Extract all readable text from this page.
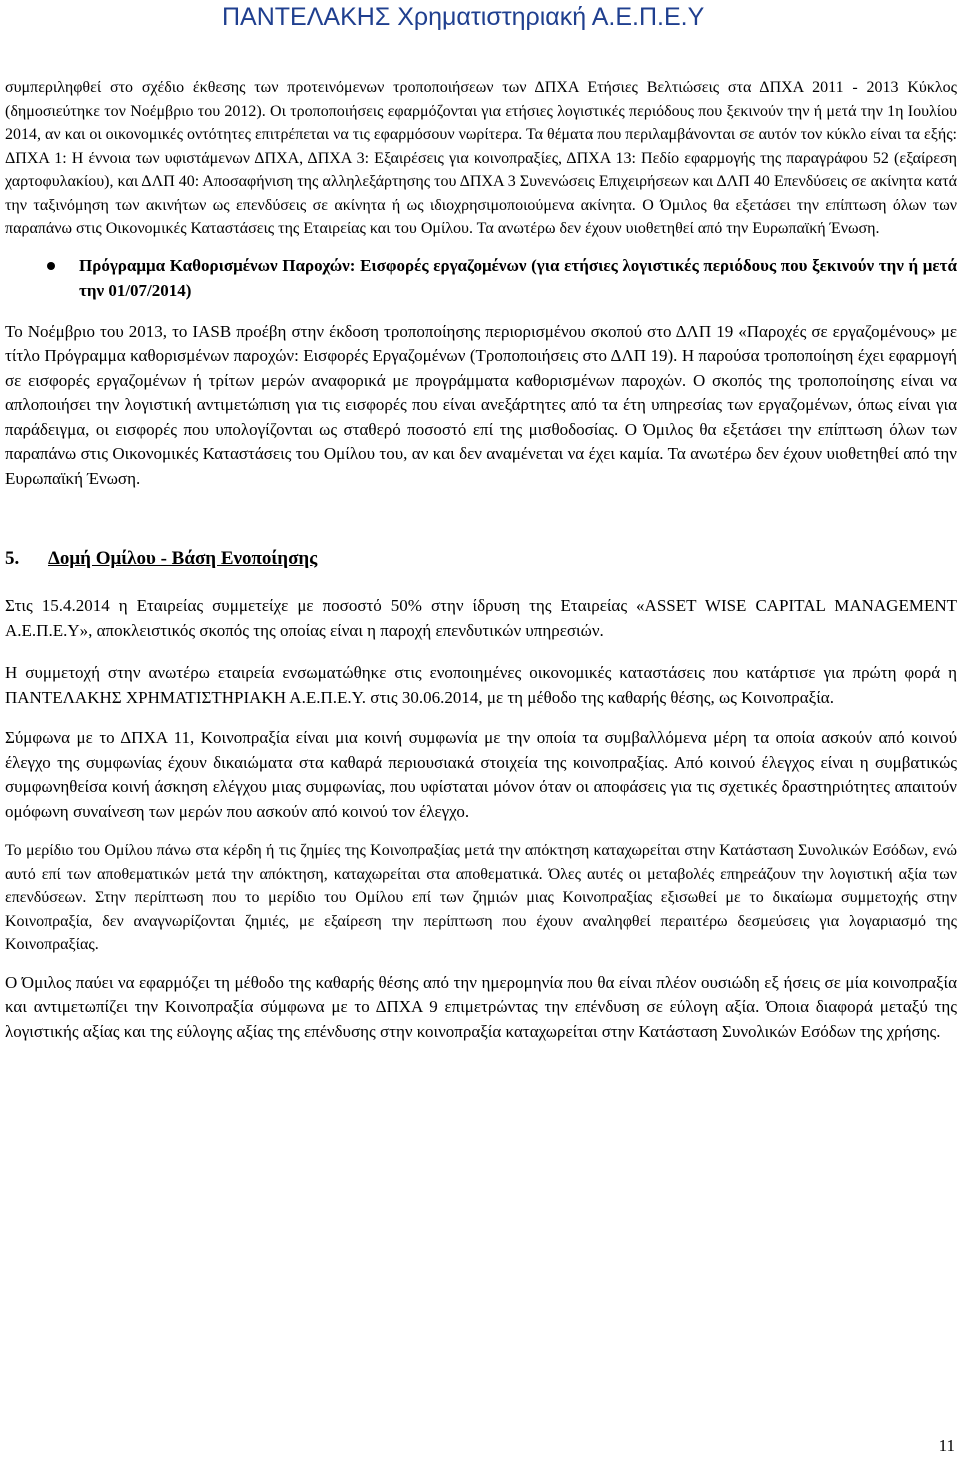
ΠΑΝΤΕΛΑΚΗΣ Χρηματιστηριακή Α.Ε.Π.Ε.Υ

συμπεριληφθεί στο σχέδιο έκθεσης των προτεινόμενων τροποποιήσεων των ΔΠΧΑ Ετήσιες Βελτιώσεις στα ΔΠΧΑ 2011 - 2013 Κύκλος (δημοσιεύτηκε τον Νοέμβριο του 2012). Οι τροποποιήσεις εφαρμόζονται για ετήσιες λογιστικές περιόδους που ξεκινούν την ή μετά την 1η Ιουλίου 2014, αν και οι οικονομικές οντότητες επιτρέπεται να τις εφαρμόσουν νωρίτερα. Τα θέματα που περιλαμβάνονται σε αυτόν τον κύκλο είναι τα εξής: ΔΠΧΑ 1: Η έννοια των υφιστάμενων ΔΠΧΑ, ΔΠΧΑ 3: Εξαιρέσεις για κοινοπραξίες, ΔΠΧΑ 13: Πεδίο εφαρμογής της παραγράφου 52 (εξαίρεση χαρτοφυλακίου), και ΔΛΠ 40: Αποσαφήνιση της αλληλεξάρτησης του ΔΠΧΑ 3 Συνενώσεις Επιχειρήσεων και ΔΛΠ 40 Επενδύσεις σε ακίνητα κατά την ταξινόμηση των ακινήτων ως επενδύσεις σε ακίνητα ή ως ιδιοχρησιμοποιούμενα ακίνητα. Ο Όμιλος θα εξετάσει την επίπτωση όλων των παραπάνω στις Οικονομικές Καταστάσεις της Εταιρείας και του Ομίλου. Τα ανωτέρω δεν έχουν υιοθετηθεί από την Ευρωπαϊκή Ένωση.

Πρόγραμμα Καθορισμένων Παροχών: Εισφορές εργαζομένων (για ετήσιες λογιστικές περιόδους που ξεκινούν την ή μετά την 01/07/2014)

Το Νοέμβριο του 2013, το IASB προέβη στην έκδοση τροποποίησης περιορισμένου σκοπού στο ΔΛΠ 19 «Παροχές σε εργαζομένους» με τίτλο Πρόγραμμα καθορισμένων παροχών: Εισφορές Εργαζομένων (Τροποποιήσεις στο ΔΛΠ 19). Η παρούσα τροποποίηση έχει εφαρμογή σε εισφορές εργαζομένων ή τρίτων μερών αναφορικά με προγράμματα καθορισμένων παροχών. Ο σκοπός της τροποποίησης είναι να απλοποιήσει την λογιστική αντιμετώπιση για τις εισφορές που είναι ανεξάρτητες από τα έτη υπηρεσίας των εργαζομένων, όπως είναι για παράδειγμα, οι εισφορές που υπολογίζονται ως σταθερό ποσοστό επί της μισθοδοσίας. Ο Όμιλος θα εξετάσει την επίπτωση όλων των παραπάνω στις Οικονομικές Καταστάσεις του Ομίλου του, αν και δεν αναμένεται να έχει καμία. Τα ανωτέρω δεν έχουν υιοθετηθεί από την Ευρωπαϊκή Ένωση.

5. Δομή Ομίλου - Βάση Ενοποίησης

Στις 15.4.2014 η Εταιρείας συμμετείχε με ποσοστό 50% στην ίδρυση της Εταιρείας «ASSET WISE CAPITAL MANAGEMENT A.E.Π.Ε.Υ», αποκλειστικός σκοπός της οποίας είναι η παροχή επενδυτικών υπηρεσιών.

Η συμμετοχή στην ανωτέρω εταιρεία ενσωματώθηκε στις ενοποιημένες οικονομικές καταστάσεις που κατάρτισε για πρώτη φορά η ΠΑΝΤΕΛΑΚΗΣ ΧΡΗΜΑΤΙΣΤΗΡΙΑΚΗ Α.Ε.Π.Ε.Υ. στις 30.06.2014, με τη μέθοδο της καθαρής θέσης, ως Κοινοπραξία.

Σύμφωνα με το ΔΠΧΑ 11, Κοινοπραξία είναι μια κοινή συμφωνία με την οποία τα συμβαλλόμενα μέρη τα οποία ασκούν από κοινού έλεγχο της συμφωνίας έχουν δικαιώματα στα καθαρά περιουσιακά στοιχεία της κοινοπραξίας. Από κοινού έλεγχος είναι η συμβατικώς συμφωνηθείσα κοινή άσκηση ελέγχου μιας συμφωνίας, που υφίσταται μόνον όταν οι αποφάσεις για τις σχετικές δραστηριότητες απαιτούν ομόφωνη συναίνεση των μερών που ασκούν από κοινού τον έλεγχο.

Το μερίδιο του Ομίλου πάνω στα κέρδη ή τις ζημίες της Κοινοπραξίας μετά την απόκτηση καταχωρείται στην Κατάσταση Συνολικών Εσόδων, ενώ αυτό επί των αποθεματικών μετά την απόκτηση, καταχωρείται στα αποθεματικά. Όλες αυτές οι μεταβολές επηρεάζουν την λογιστική αξία των επενδύσεων. Στην περίπτωση που το μερίδιο του Ομίλου επί των ζημιών μιας Κοινοπραξίας εξισωθεί με το δικαίωμα συμμετοχής στην Κοινοπραξία, δεν αναγνωρίζονται ζημιές, με εξαίρεση την περίπτωση που έχουν αναληφθεί περαιτέρω δεσμεύσεις για λογαριασμό της Κοινοπραξίας.

Ο Όμιλος παύει να εφαρμόζει τη μέθοδο της καθαρής θέσης από την ημερομηνία που θα είναι πλέον ουσιώδη εξ ήσεις σε μία κοινοπραξία και αντιμετωπίζει την Κοινοπραξία σύμφωνα με το ΔΠΧΑ 9 επιμετρώντας την επένδυση σε εύλογη αξία. Όποια διαφορά μεταξύ της λογιστικής αξίας και της εύλογης αξίας της επένδυσης στην κοινοπραξία καταχωρείται στην Κατάσταση Συνολικών Εσόδων της χρήσης.

11
